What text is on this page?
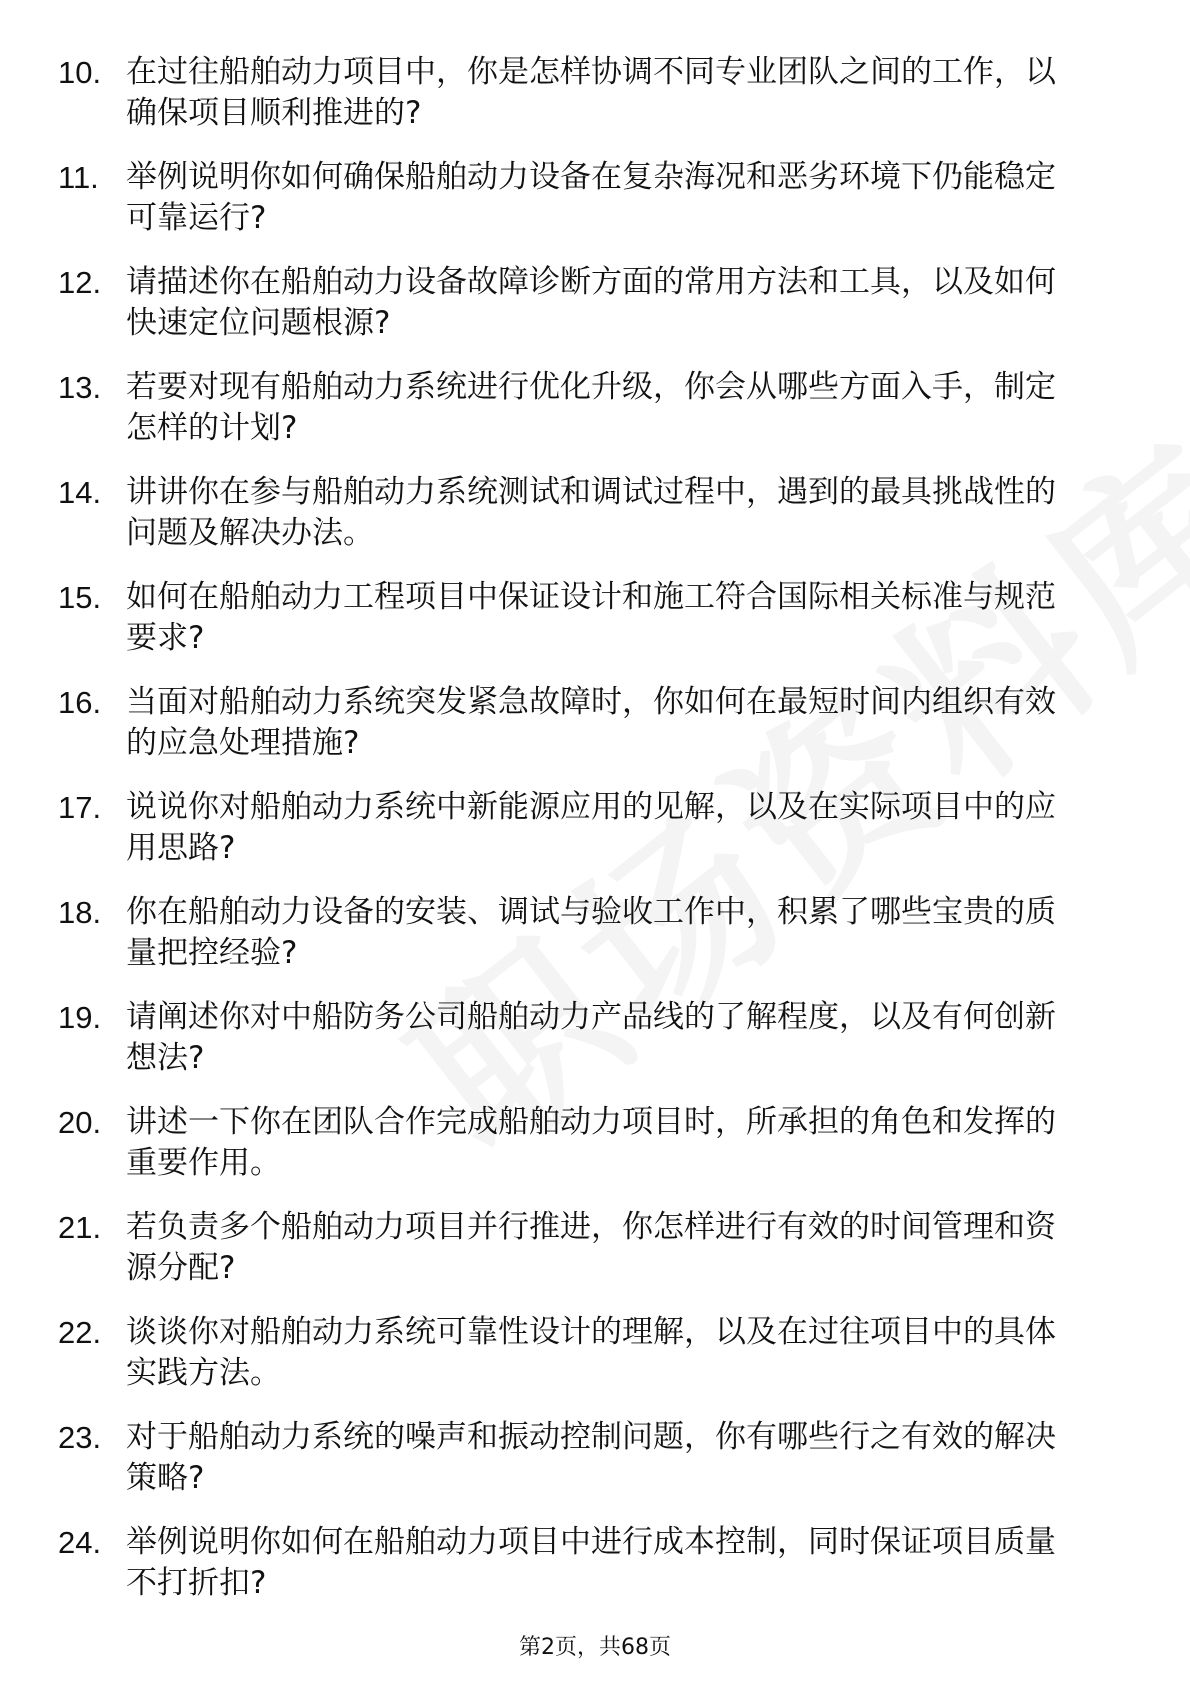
10. 在过往船舶动力项目中，你是怎样协调不同专业团队之间的工作，以确保项目顺利推进的?
11. 举例说明你如何确保船舶动力设备在复杂海况和恶劣环境下仍能稳定可靠运行?
12. 请描述你在船舶动力设备故障诊断方面的常用方法和工具，以及如何快速定位问题根源?
13. 若要对现有船舶动力系统进行优化升级，你会从哪些方面入手，制定怎样的计划?
14. 讲讲你在参与船舶动力系统测试和调试过程中，遇到的最具挑战性的问题及解决办法。
15. 如何在船舶动力工程项目中保证设计和施工符合国际相关标准与规范要求?
16. 当面对船舶动力系统突发紧急故障时，你如何在最短时间内组织有效的应急处理措施?
17. 说说你对船舶动力系统中新能源应用的见解，以及在实际项目中的应用思路?
18. 你在船舶动力设备的安装、调试与验收工作中，积累了哪些宝贵的质量把控经验?
19. 请阐述你对中船防务公司船舶动力产品线的了解程度，以及有何创新想法?
20. 讲述一下你在团队合作完成船舶动力项目时，所承担的角色和发挥的重要作用。
21. 若负责多个船舶动力项目并行推进，你怎样进行有效的时间管理和资源分配?
22. 谈谈你对船舶动力系统可靠性设计的理解，以及在过往项目中的具体实践方法。
23. 对于船舶动力系统的噪声和振动控制问题，你有哪些行之有效的解决策略?
24. 举例说明你如何在船舶动力项目中进行成本控制，同时保证项目质量不打折扣?
第2页，共68页
